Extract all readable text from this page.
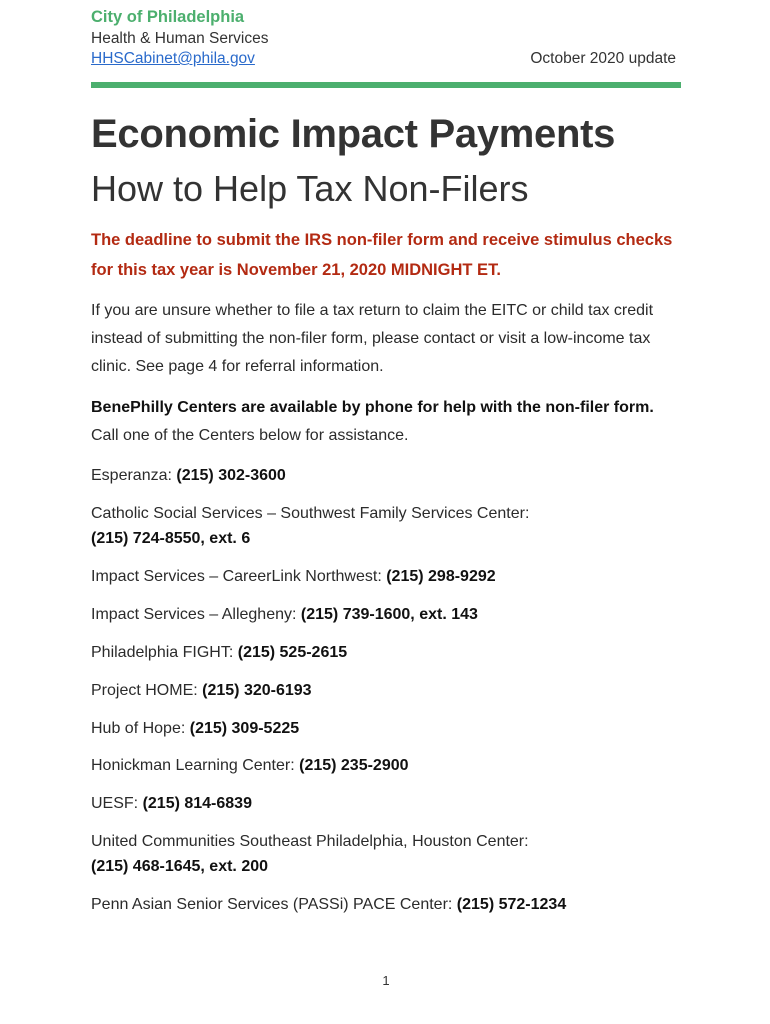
City of Philadelphia
Health & Human Services
HHSCabinet@phila.gov	October 2020 update
Economic Impact Payments
How to Help Tax Non-Filers
The deadline to submit the IRS non-filer form and receive stimulus checks for this tax year is November 21, 2020 MIDNIGHT ET.
If you are unsure whether to file a tax return to claim the EITC or child tax credit instead of submitting the non-filer form, please contact or visit a low-income tax clinic. See page 4 for referral information.
BenePhilly Centers are available by phone for help with the non-filer form.
Call one of the Centers below for assistance.
Esperanza: (215) 302-3600
Catholic Social Services – Southwest Family Services Center:
(215) 724-8550, ext. 6
Impact Services – CareerLink Northwest: (215) 298-9292
Impact Services – Allegheny: (215) 739-1600, ext. 143
Philadelphia FIGHT: (215) 525-2615
Project HOME: (215) 320-6193
Hub of Hope: (215) 309-5225
Honickman Learning Center: (215) 235-2900
UESF: (215) 814-6839
United Communities Southeast Philadelphia, Houston Center:
(215) 468-1645, ext. 200
Penn Asian Senior Services (PASSi) PACE Center: (215) 572-1234
1
